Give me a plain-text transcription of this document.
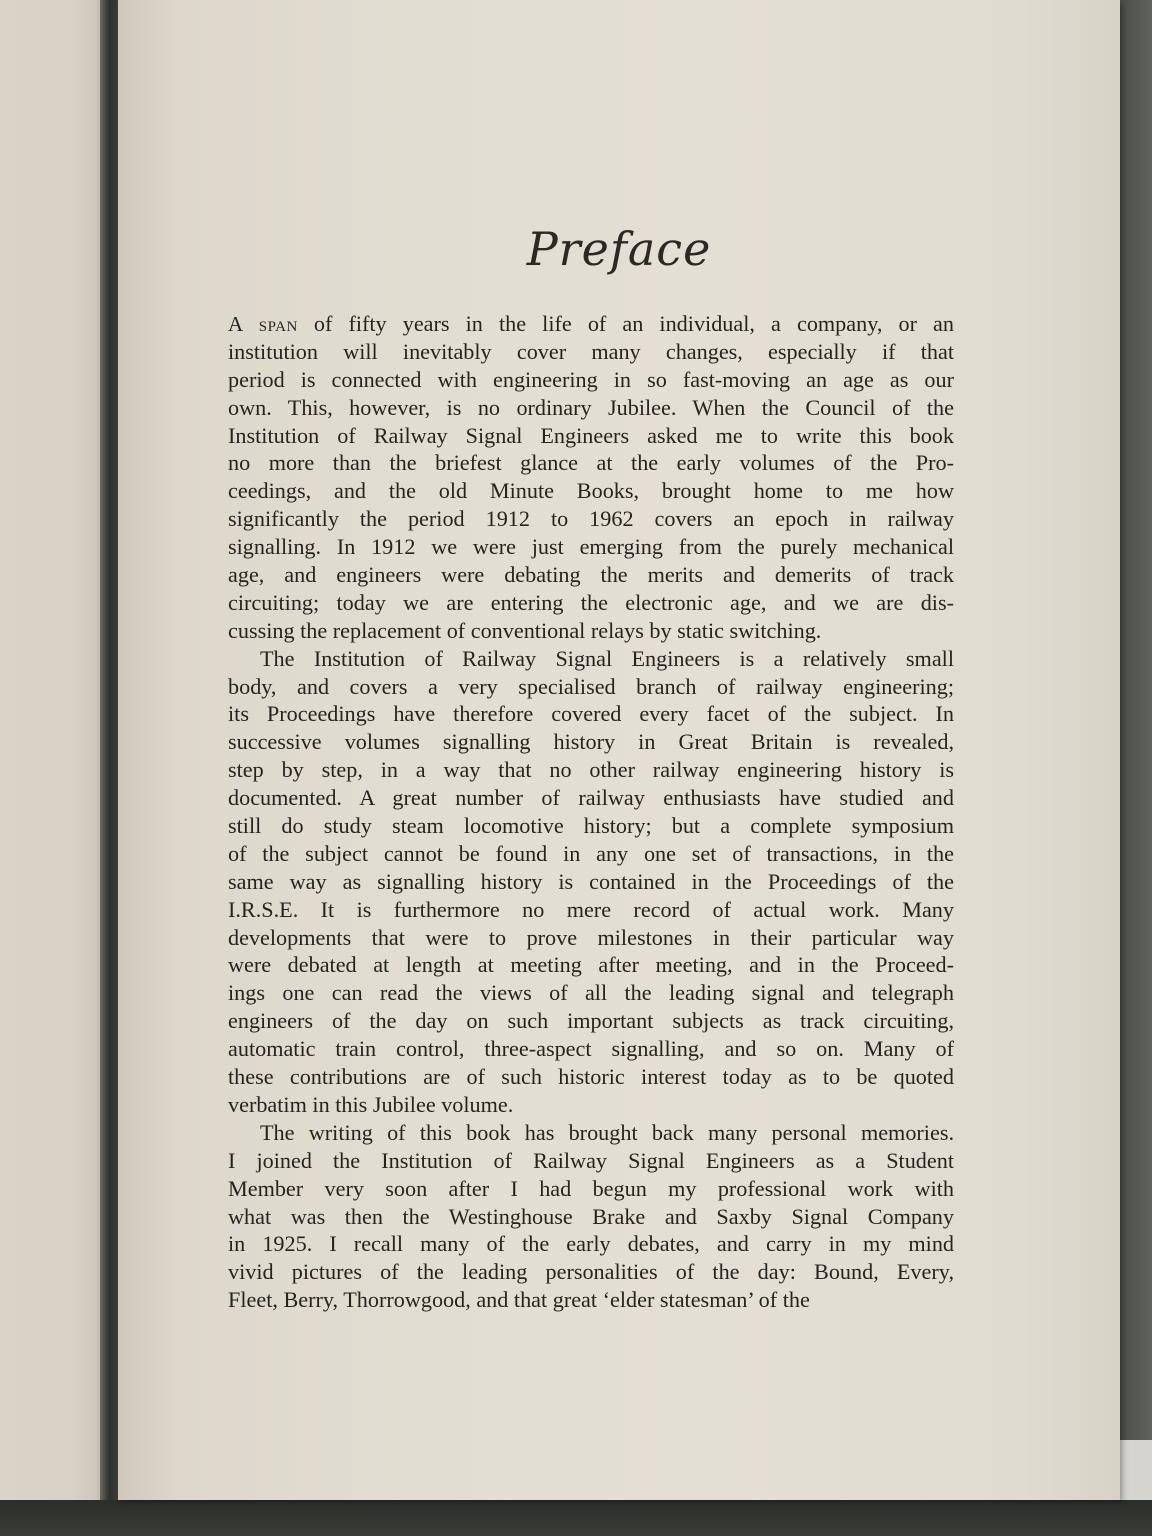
Preface
A span of fifty years in the life of an individual, a company, or an
institution will inevitably cover many changes, especially if that
period is connected with engineering in so fast-moving an age as our
own. This, however, is no ordinary Jubilee. When the Council of the
Institution of Railway Signal Engineers asked me to write this book
no more than the briefest glance at the early volumes of the Pro-
ceedings, and the old Minute Books, brought home to me how
significantly the period 1912 to 1962 covers an epoch in railway
signalling. In 1912 we were just emerging from the purely mechanical
age, and engineers were debating the merits and demerits of track
circuiting; today we are entering the electronic age, and we are dis-
cussing the replacement of conventional relays by static switching.
The Institution of Railway Signal Engineers is a relatively small
body, and covers a very specialised branch of railway engineering;
its Proceedings have therefore covered every facet of the subject. In
successive volumes signalling history in Great Britain is revealed,
step by step, in a way that no other railway engineering history is
documented. A great number of railway enthusiasts have studied and
still do study steam locomotive history; but a complete symposium
of the subject cannot be found in any one set of transactions, in the
same way as signalling history is contained in the Proceedings of the
I.R.S.E. It is furthermore no mere record of actual work. Many
developments that were to prove milestones in their particular way
were debated at length at meeting after meeting, and in the Proceed-
ings one can read the views of all the leading signal and telegraph
engineers of the day on such important subjects as track circuiting,
automatic train control, three-aspect signalling, and so on. Many of
these contributions are of such historic interest today as to be quoted
verbatim in this Jubilee volume.
The writing of this book has brought back many personal memories.
I joined the Institution of Railway Signal Engineers as a Student
Member very soon after I had begun my professional work with
what was then the Westinghouse Brake and Saxby Signal Company
in 1925. I recall many of the early debates, and carry in my mind
vivid pictures of the leading personalities of the day: Bound, Every,
Fleet, Berry, Thorrowgood, and that great ‘elder statesman’ of the
